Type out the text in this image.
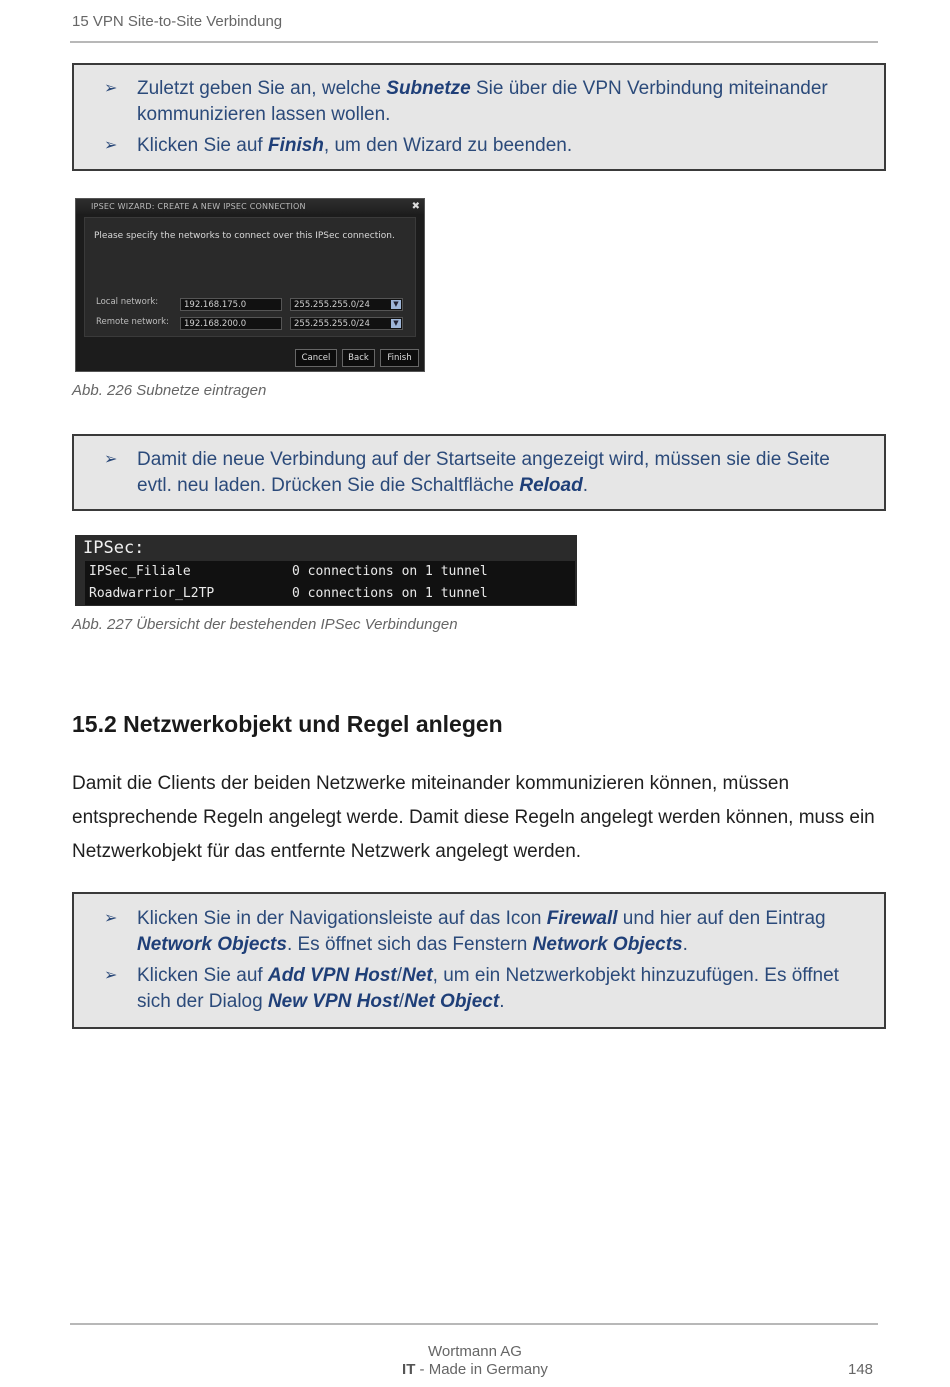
15 VPN Site-to-Site Verbindung
➢	Zuletzt geben Sie an, welche Subnetze Sie über die VPN Verbindung miteinander kommunizieren lassen wollen.
➢	Klicken Sie auf Finish, um den Wizard zu beenden.
IPSEC WIZARD: CREATE A NEW IPSEC CONNECTION	✖
Please specify the networks to connect over this IPSec connection.
Local network:	192.168.175.0	255.255.255.0/24	▼
Remote network:	192.168.200.0	255.255.255.0/24	▼
Cancel	Back	Finish
Abb. 226 Subnetze eintragen
➢	Damit die neue Verbindung auf der Startseite angezeigt wird, müssen sie die Seite evtl. neu laden. Drücken Sie die Schaltfläche Reload.
IPSec:
IPSec_Filiale	0 connections on 1 tunnel
Roadwarrior_L2TP	0 connections on 1 tunnel
Abb. 227 Übersicht der bestehenden IPSec Verbindungen
15.2 Netzwerkobjekt und Regel anlegen
Damit die Clients der beiden Netzwerke miteinander kommunizieren können, müssen entsprechende Regeln angelegt werde. Damit diese Regeln angelegt werden können, muss ein Netzwerkobjekt für das entfernte Netzwerk angelegt werden.
➢	Klicken Sie in der Navigationsleiste auf das Icon Firewall und hier auf den Eintrag Network Objects. Es öffnet sich das Fenstern Network Objects.
➢	Klicken Sie auf Add VPN Host/Net, um ein Netzwerkobjekt hinzuzufügen. Es öffnet sich der Dialog New VPN Host/Net Object.
Wortmann AG
IT - Made in Germany	148
